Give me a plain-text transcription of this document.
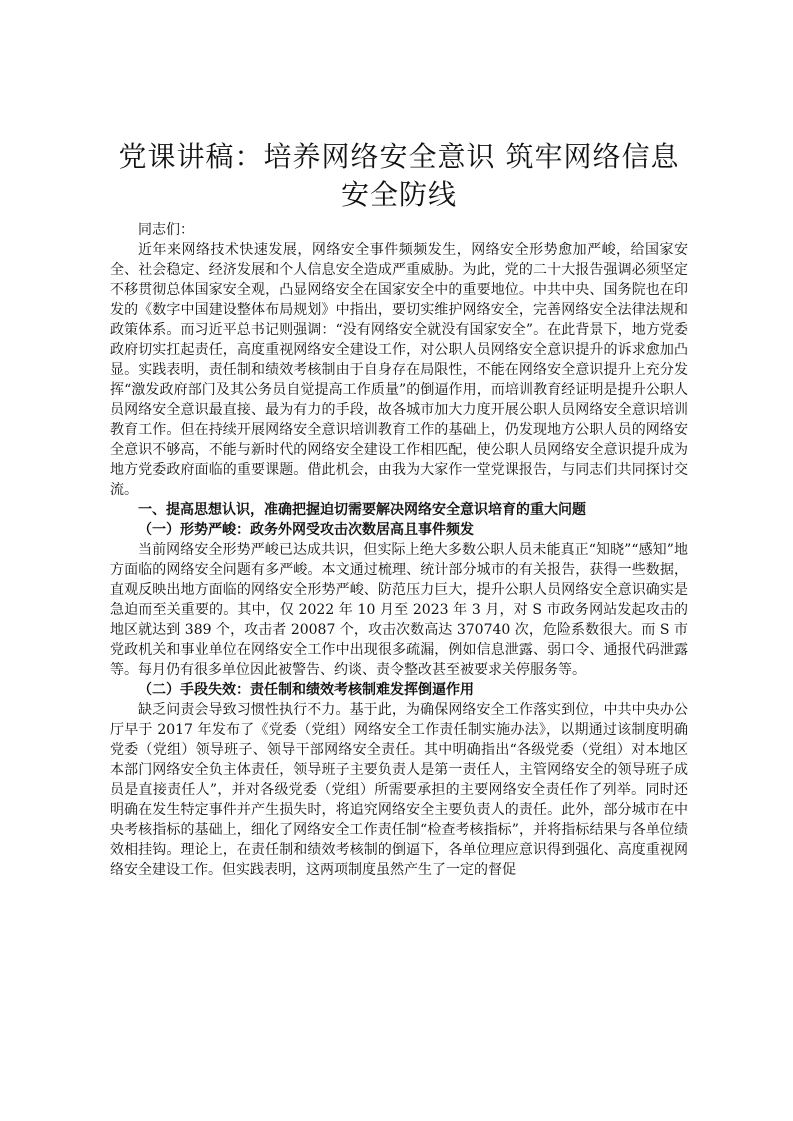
党课讲稿：培养网络安全意识 筑牢网络信息安全防线

同志们：

近年来网络技术快速发展，网络安全事件频频发生，网络安全形势愈加严峻，给国家安全、社会稳定、经济发展和个人信息安全造成严重威胁。为此，党的二十大报告强调必须坚定不移贯彻总体国家安全观，凸显网络安全在国家安全中的重要地位。中共中央、国务院也在印发的《数字中国建设整体布局规划》中指出，要切实维护网络安全，完善网络安全法律法规和政策体系。而习近平总书记则强调：“没有网络安全就没有国家安全”。在此背景下，地方党委政府切实扛起责任，高度重视网络安全建设工作，对公职人员网络安全意识提升的诉求愈加凸显。实践表明，责任制和绩效考核制由于自身存在局限性，不能在网络安全意识提升上充分发挥“激发政府部门及其公务员自觉提高工作质量”的倒逼作用，而培训教育经证明是提升公职人员网络安全意识最直接、最为有力的手段，故各城市加大力度开展公职人员网络安全意识培训教育工作。但在持续开展网络安全意识培训教育工作的基础上，仍发现地方公职人员的网络安全意识不够高，不能与新时代的网络安全建设工作相匹配，使公职人员网络安全意识提升成为地方党委政府面临的重要课题。借此机会，由我为大家作一堂党课报告，与同志们共同探讨交流。

一、提高思想认识，准确把握迫切需要解决网络安全意识培育的重大问题

（一）形势严峻：政务外网受攻击次数居高且事件频发

当前网络安全形势严峻已达成共识，但实际上绝大多数公职人员未能真正“知晓”“感知”地方面临的网络安全问题有多严峻。本文通过梳理、统计部分城市的有关报告，获得一些数据，直观反映出地方面临的网络安全形势严峻、防范压力巨大，提升公职人员网络安全意识确实是急迫而至关重要的。其中，仅 2022 年 10 月至 2023 年 3 月，对 S 市政务网站发起攻击的地区就达到 389 个，攻击者 20087 个，攻击次数高达 370740 次，危险系数很大。而 S 市党政机关和事业单位在网络安全工作中出现很多疏漏，例如信息泄露、弱口令、通报代码泄露等。每月仍有很多单位因此被警告、约谈、责令整改甚至被要求关停服务等。

（二）手段失效：责任制和绩效考核制难发挥倒逼作用

缺乏问责会导致习惯性执行不力。基于此，为确保网络安全工作落实到位，中共中央办公厅早于 2017 年发布了《党委（党组）网络安全工作责任制实施办法》，以期通过该制度明确党委（党组）领导班子、领导干部网络安全责任。其中明确指出“各级党委（党组）对本地区本部门网络安全负主体责任，领导班子主要负责人是第一责任人，主管网络安全的领导班子成员是直接责任人”，并对各级党委（党组）所需要承担的主要网络安全责任作了列举。同时还明确在发生特定事件并产生损失时，将追究网络安全主要负责人的责任。此外，部分城市在中央考核指标的基础上，细化了网络安全工作责任制“检查考核指标”，并将指标结果与各单位绩效相挂钩。理论上，在责任制和绩效考核制的倒逼下，各单位理应意识得到强化、高度重视网络安全建设工作。但实践表明，这两项制度虽然产生了一定的督促
